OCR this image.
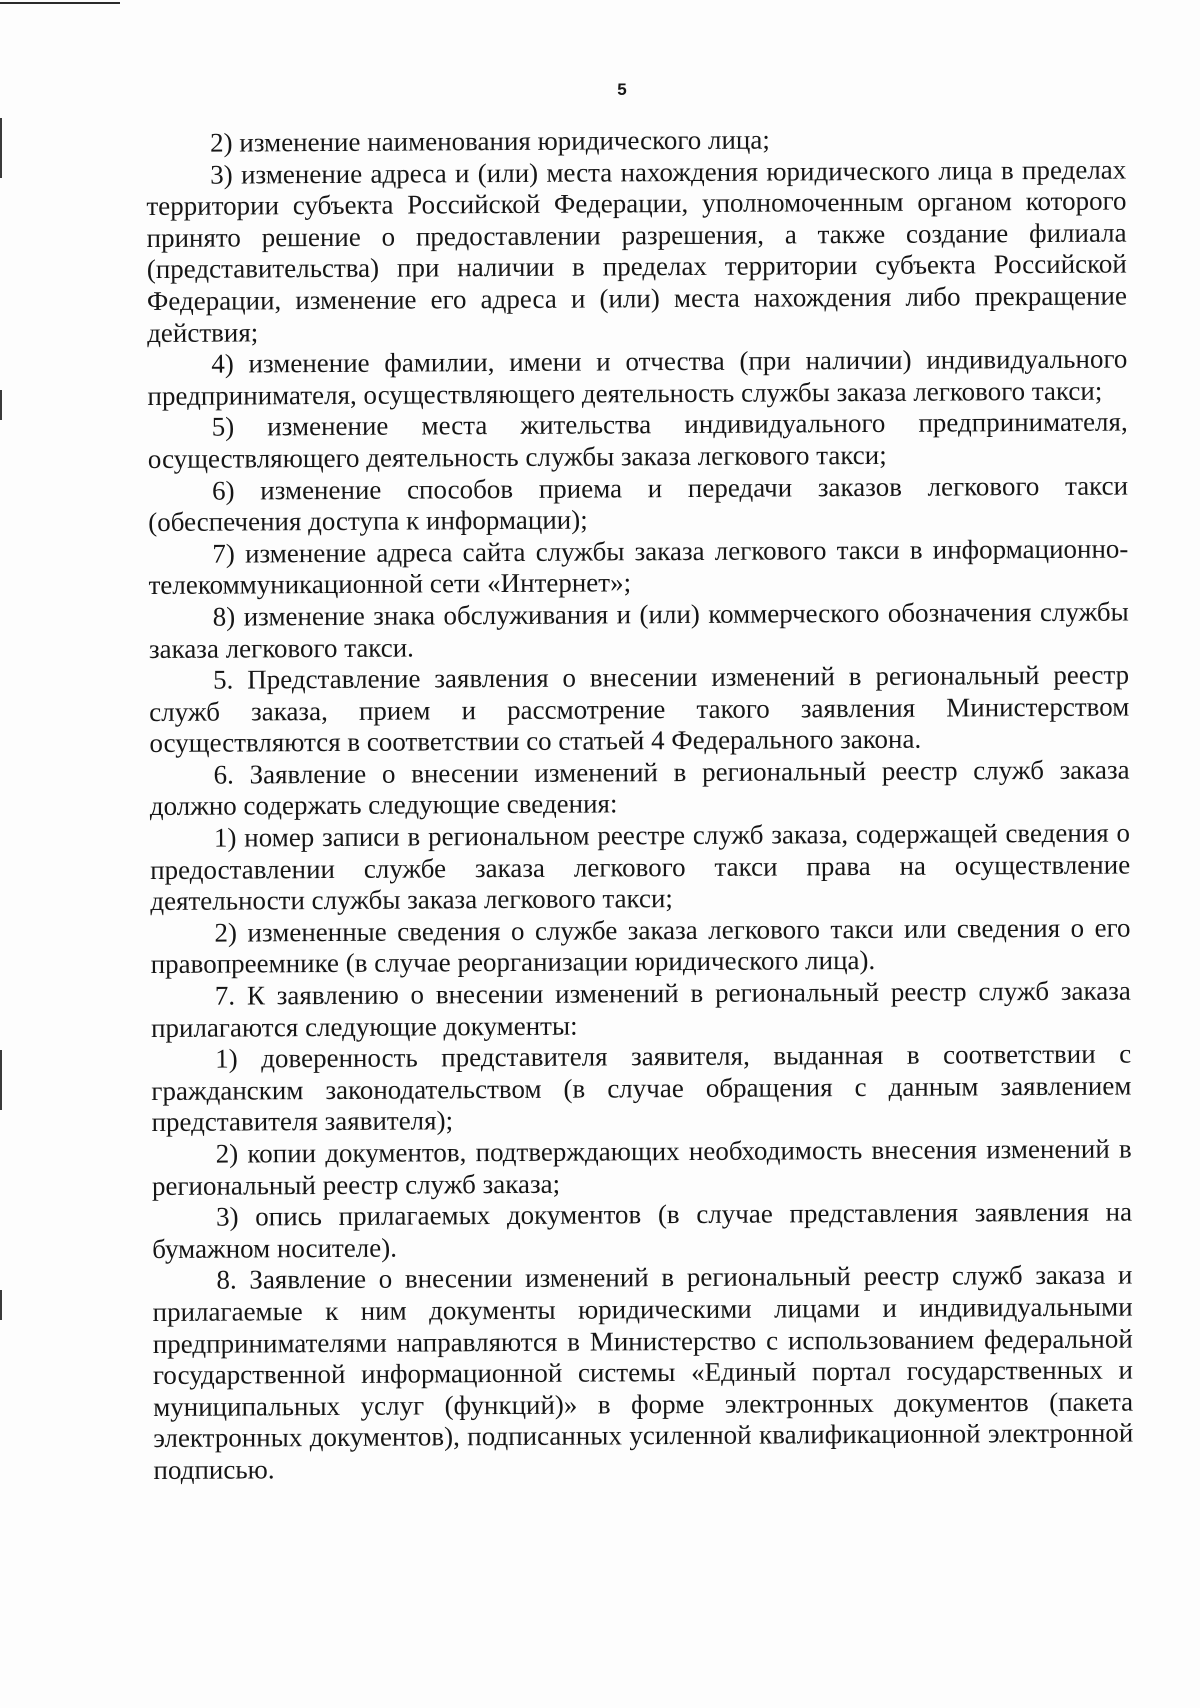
5

2) изменение наименования юридического лица;

3) изменение адреса и (или) места нахождения юридического лица в пределах территории субъекта Российской Федерации, уполномоченным органом которого принято решение о предоставлении разрешения, а также создание филиала (представительства) при наличии в пределах территории субъекта Российской Федерации, изменение его адреса и (или) места нахождения либо прекращение действия;

4) изменение фамилии, имени и отчества (при наличии) индивидуального предпринимателя, осуществляющего деятельность службы заказа легкового такси;

5) изменение места жительства индивидуального предпринимателя, осуществляющего деятельность службы заказа легкового такси;

6) изменение способов приема и передачи заказов легкового такси (обеспечения доступа к информации);

7) изменение адреса сайта службы заказа легкового такси в информационно-телекоммуникационной сети «Интернет»;

8) изменение знака обслуживания и (или) коммерческого обозначения службы заказа легкового такси.

5. Представление заявления о внесении изменений в региональный реестр служб заказа, прием и рассмотрение такого заявления Министерством осуществляются в соответствии со статьей 4 Федерального закона.

6. Заявление о внесении изменений в региональный реестр служб заказа должно содержать следующие сведения:

1) номер записи в региональном реестре служб заказа, содержащей сведения о предоставлении службе заказа легкового такси права на осуществление деятельности службы заказа легкового такси;

2) измененные сведения о службе заказа легкового такси или сведения о его правопреемнике (в случае реорганизации юридического лица).

7. К заявлению о внесении изменений в региональный реестр служб заказа прилагаются следующие документы:

1) доверенность представителя заявителя, выданная в соответствии с гражданским законодательством (в случае обращения с данным заявлением представителя заявителя);

2) копии документов, подтверждающих необходимость внесения изменений в региональный реестр служб заказа;

3) опись прилагаемых документов (в случае представления заявления на бумажном носителе).

8. Заявление о внесении изменений в региональный реестр служб заказа и прилагаемые к ним документы юридическими лицами и индивидуальными предпринимателями направляются в Министерство с использованием федеральной государственной информационной системы «Единый портал государственных и муниципальных услуг (функций)» в форме электронных документов (пакета электронных документов), подписанных усиленной квалификационной электронной подписью.
